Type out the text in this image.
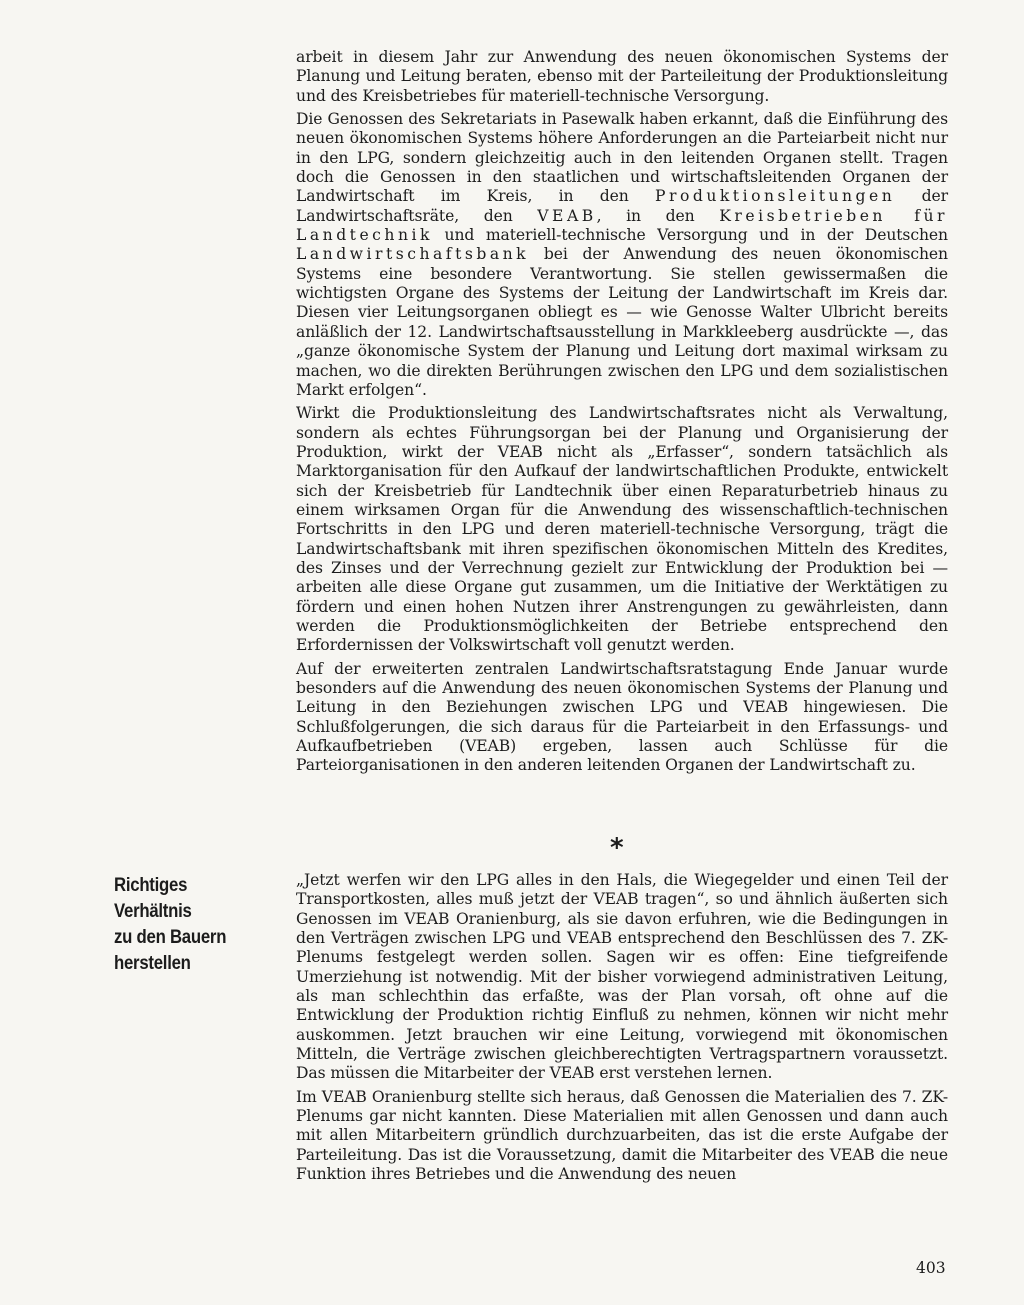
arbeit in diesem Jahr zur Anwendung des neuen ökonomischen Systems der Planung und Leitung beraten, ebenso mit der Parteileitung der Produktionsleitung und des Kreisbetriebes für materiell-technische Versorgung.

Die Genossen des Sekretariats in Pasewalk haben erkannt, daß die Einführung des neuen ökonomischen Systems höhere Anforderungen an die Parteiarbeit nicht nur in den LPG, sondern gleichzeitig auch in den leitenden Organen stellt. Tragen doch die Genossen in den staatlichen und wirtschaftsleitenden Organen der Landwirtschaft im Kreis, in den Produktionsleitungen der Landwirtschaftsräte, den VEAB, in den Kreisbetrieben für Landtechnik und materiell-technische Versorgung und in der Deutschen Landwirtschaftsbank bei der Anwendung des neuen ökonomischen Systems eine besondere Verantwortung. Sie stellen gewissermaßen die wichtigsten Organe des Systems der Leitung der Landwirtschaft im Kreis dar. Diesen vier Leitungsorganen obliegt es — wie Genosse Walter Ulbricht bereits anläßlich der 12. Landwirtschaftsausstellung in Markkleeberg ausdrückte —, das „ganze ökonomische System der Planung und Leitung dort maximal wirksam zu machen, wo die direkten Berührungen zwischen den LPG und dem sozialistischen Markt erfolgen“.

Wirkt die Produktionsleitung des Landwirtschaftsrates nicht als Verwaltung, sondern als echtes Führungsorgan bei der Planung und Organisierung der Produktion, wirkt der VEAB nicht als „Erfasser“, sondern tatsächlich als Marktorganisation für den Aufkauf der landwirtschaftlichen Produkte, entwickelt sich der Kreisbetrieb für Landtechnik über einen Reparaturbetrieb hinaus zu einem wirksamen Organ für die Anwendung des wissenschaftlich-technischen Fortschritts in den LPG und deren materiell-technische Versorgung, trägt die Landwirtschaftsbank mit ihren spezifischen ökonomischen Mitteln des Kredites, des Zinses und der Verrechnung gezielt zur Entwicklung der Produktion bei — arbeiten alle diese Organe gut zusammen, um die Initiative der Werktätigen zu fördern und einen hohen Nutzen ihrer Anstrengungen zu gewährleisten, dann werden die Produktionsmöglichkeiten der Betriebe entsprechend den Erfordernissen der Volkswirtschaft voll genutzt werden.

Auf der erweiterten zentralen Landwirtschaftsratstagung Ende Januar wurde besonders auf die Anwendung des neuen ökonomischen Systems der Planung und Leitung in den Beziehungen zwischen LPG und VEAB hingewiesen. Die Schlußfolgerungen, die sich daraus für die Parteiarbeit in den Erfassungs- und Aufkaufbetrieben (VEAB) ergeben, lassen auch Schlüsse für die Parteiorganisationen in den anderen leitenden Organen der Landwirtschaft zu.

*
Richtiges
Verhältnis
zu den Bauern
herstellen

„Jetzt werfen wir den LPG alles in den Hals, die Wiegegelder und einen Teil der Transportkosten, alles muß jetzt der VEAB tragen“, so und ähnlich äußerten sich Genossen im VEAB Oranienburg, als sie davon erfuhren, wie die Bedingungen in den Verträgen zwischen LPG und VEAB entsprechend den Beschlüssen des 7. ZK-Plenums festgelegt werden sollen. Sagen wir es offen: Eine tiefgreifende Umerziehung ist notwendig. Mit der bisher vorwiegend administrativen Leitung, als man schlechthin das erfaßte, was der Plan vorsah, oft ohne auf die Entwicklung der Produktion richtig Einfluß zu nehmen, können wir nicht mehr auskommen. Jetzt brauchen wir eine Leitung, vorwiegend mit ökonomischen Mitteln, die Verträge zwischen gleichberechtigten Vertragspartnern voraussetzt. Das müssen die Mitarbeiter der VEAB erst verstehen lernen.

Im VEAB Oranienburg stellte sich heraus, daß Genossen die Materialien des 7. ZK-Plenums gar nicht kannten. Diese Materialien mit allen Genossen und dann auch mit allen Mitarbeitern gründlich durchzuarbeiten, das ist die erste Aufgabe der Parteileitung. Das ist die Voraussetzung, damit die Mitarbeiter des VEAB die neue Funktion ihres Betriebes und die Anwendung des neuen

403
